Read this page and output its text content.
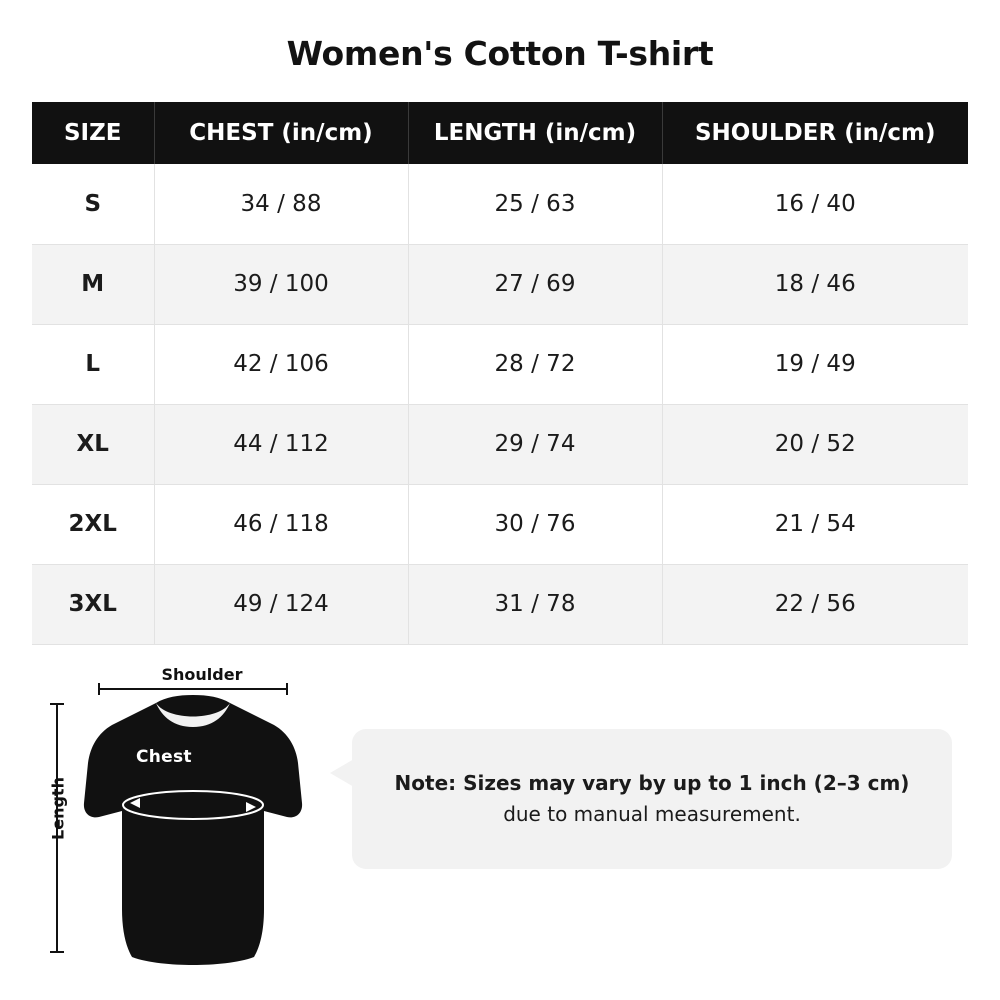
Women's Cotton T-shirt
SIZE	CHEST (in/cm)	LENGTH (in/cm)	SHOULDER (in/cm)
S	34 / 88	25 / 63	16 / 40
M	39 / 100	27 / 69	18 / 46
L	42 / 106	28 / 72	19 / 49
XL	44 / 112	29 / 74	20 / 52
2XL	46 / 118	30 / 76	21 / 54
3XL	49 / 124	31 / 78	22 / 56
Shoulder
Length
Chest
Note: Sizes may vary by up to 1 inch (2–3 cm)
due to manual measurement.
